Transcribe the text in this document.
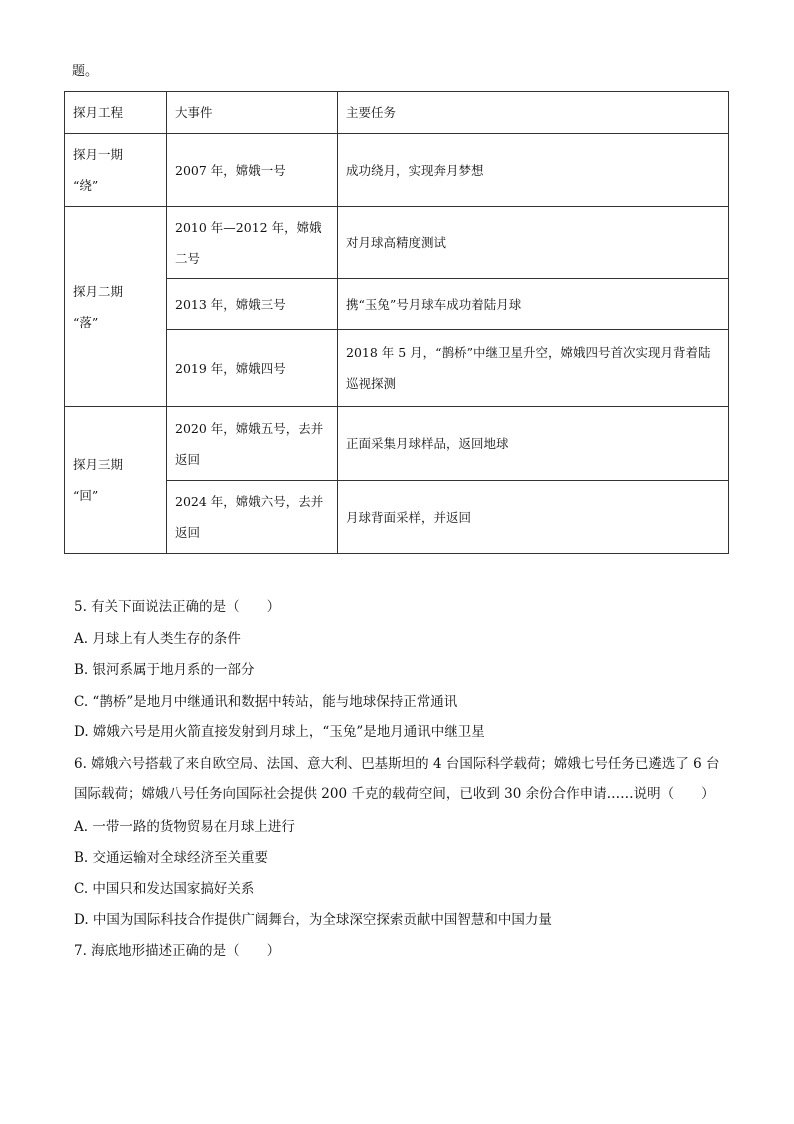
题。
探月工程	大事件	主要任务

探月一期
“绕”	2007 年，嫦娥一号	成功绕月，实现奔月梦想

探月二期
“落”	2010 年—2012 年，嫦娥二号	对月球高精度测试
	2013 年，嫦娥三号	携“玉兔”号月球车成功着陆月球
	2019 年，嫦娥四号	2018 年 5 月，“鹊桥”中继卫星升空，嫦娥四号首次实现月背着陆巡视探测

探月三期
“回”	2020 年，嫦娥五号，去并返回	正面采集月球样品，返回地球
	2024 年，嫦娥六号，去并返回	月球背面采样，并返回
5. 有关下面说法正确的是（　　）
A. 月球上有人类生存的条件
B. 银河系属于地月系的一部分
C. “鹊桥”是地月中继通讯和数据中转站，能与地球保持正常通讯
D. 嫦娥六号是用火箭直接发射到月球上，“玉兔”是地月通讯中继卫星
6. 嫦娥六号搭载了来自欧空局、法国、意大利、巴基斯坦的 4 台国际科学载荷；嫦娥七号任务已遴选了 6 台国际载荷；嫦娥八号任务向国际社会提供 200 千克的载荷空间，已收到 30 余份合作申请……说明（　　）
A. 一带一路的货物贸易在月球上进行
B. 交通运输对全球经济至关重要
C. 中国只和发达国家搞好关系
D. 中国为国际科技合作提供广阔舞台，为全球深空探索贡献中国智慧和中国力量
7. 海底地形描述正确的是（　　）
